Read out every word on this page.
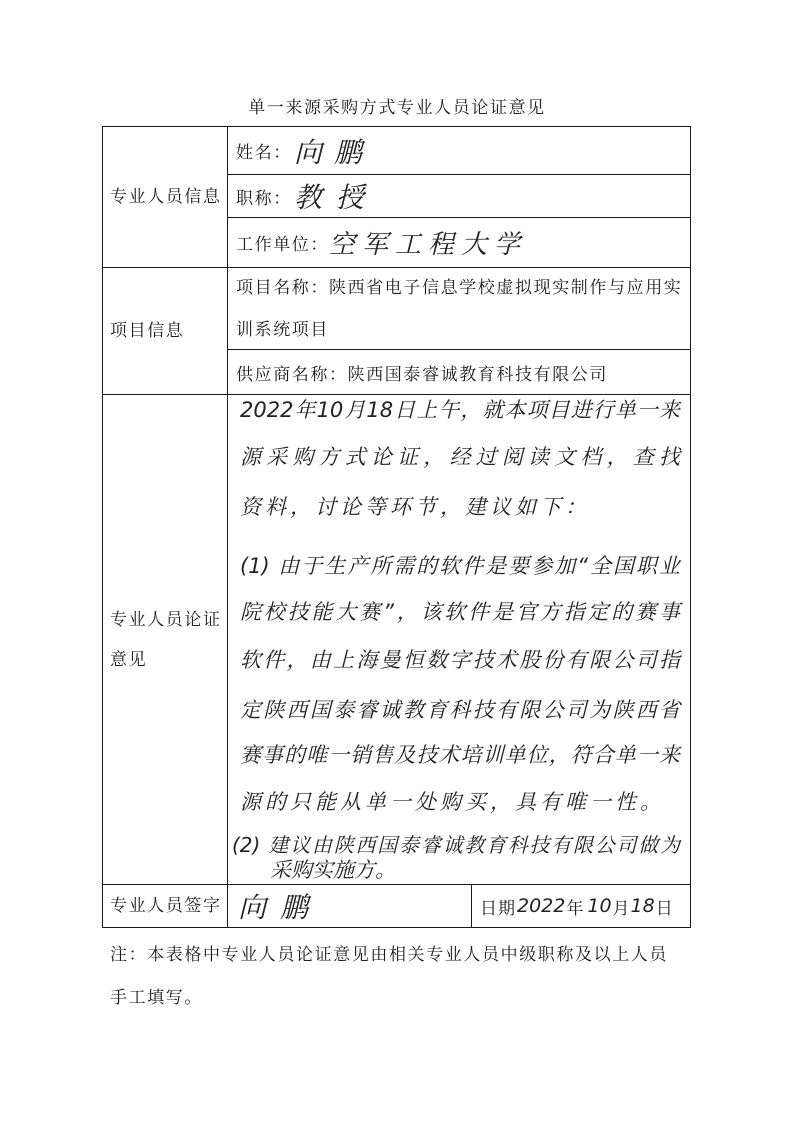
单一来源采购方式专业人员论证意见
专业人员信息
姓名： 向鹏
职称： 教授
工作单位： 空军工程大学
项目信息
项目名称：陕西省电子信息学校虚拟现实制作与应用实
训系统项目
供应商名称： 陕西国泰睿诚教育科技有限公司
专业人员论证
意见
2022年10月18日上午，就本项目进行单一来
源采购方式论证，经过阅读文档，查找
资料，讨论等环节，建议如下：
(1) 由于生产所需的软件是要参加“全国职业
院校技能大赛”，该软件是官方指定的赛事
软件，由上海曼恒数字技术股份有限公司指
定陕西国泰睿诚教育科技有限公司为陕西省
赛事的唯一销售及技术培训单位，符合单一来
源的只能从单一处购买，具有唯一性。
(2) 建议由陕西国泰睿诚教育科技有限公司做为
采购实施方。
专业人员签字 向鹏	日期 2022 年 10 月 18 日
注：本表格中专业人员论证意见由相关专业人员中级职称及以上人员
手工填写。
